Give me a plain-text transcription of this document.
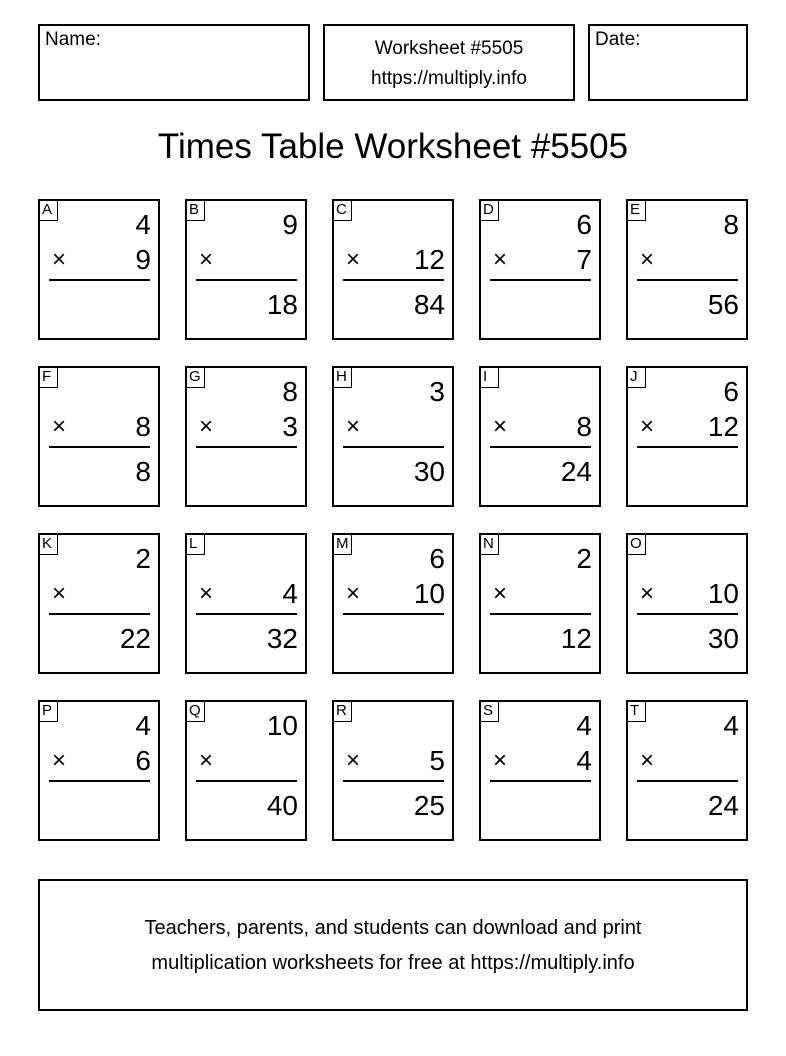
Name:	Worksheet #5505
https://multiply.info
Date:
Times Table Worksheet #5505
A	4
× 9
B	9
×
18
C
× 12
84
D	6
× 7
E	8
×
56
F
× 8
8
G	8
× 3
H	3
×
30
I
× 8
24
J	6
× 12
K	2
×
22
L
× 4
32
M	6
× 10
N	2
×
12
O
× 10
30
P	4
× 6
Q 10
×
40
R
× 5
25
S	4
× 4
T	4
×
24
Teachers, parents, and students can download and print
multiplication worksheets for free at https://multiply.info
